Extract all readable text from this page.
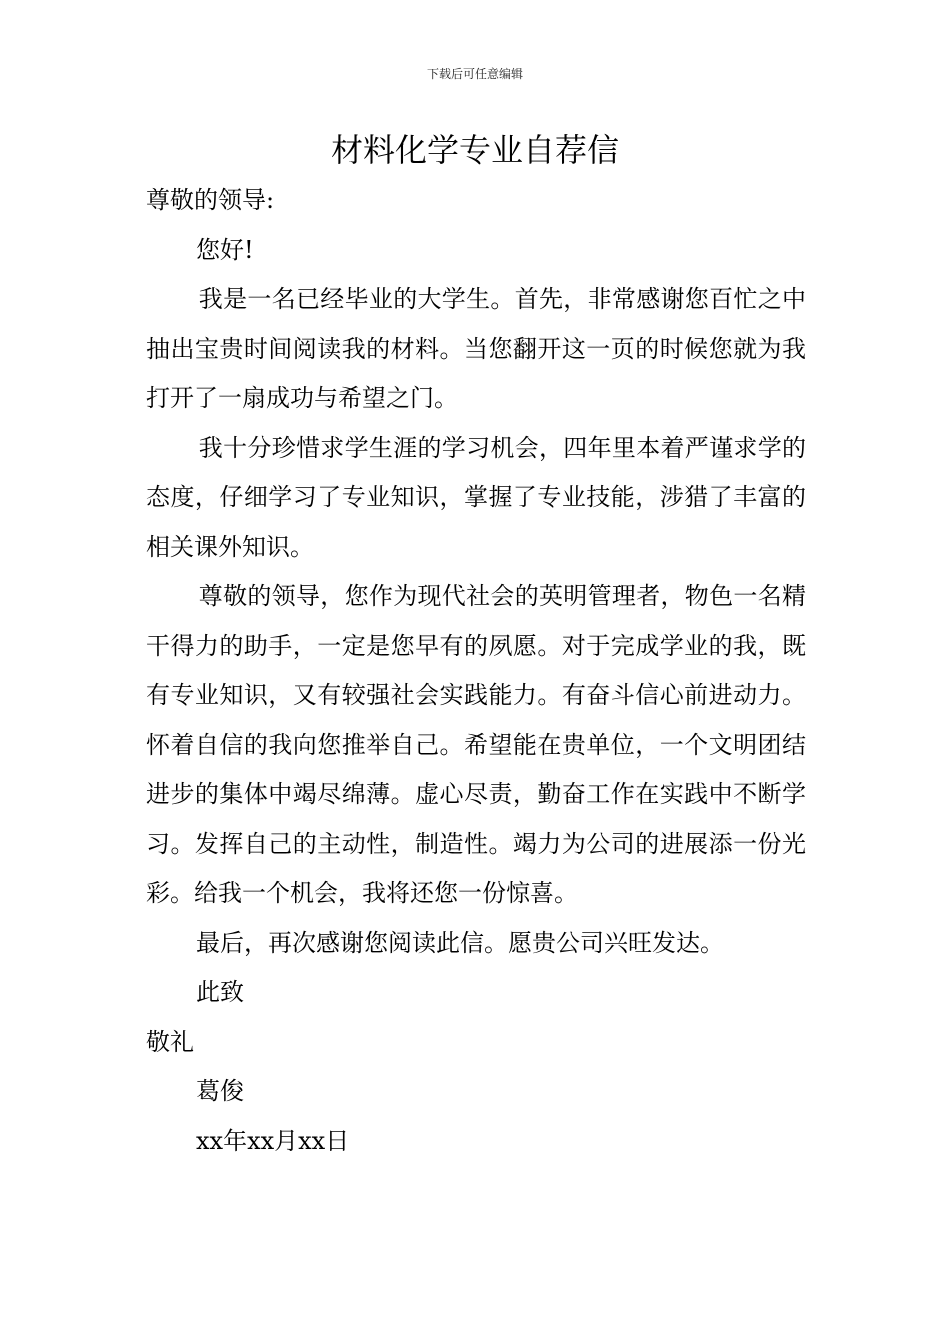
下载后可任意编辑
材料化学专业自荐信

尊敬的领导:

您好!

我是一名已经毕业的大学生。首先，非常感谢您百忙之中抽出宝贵时间阅读我的材料。当您翻开这一页的时候您就为我打开了一扇成功与希望之门。

我十分珍惜求学生涯的学习机会，四年里本着严谨求学的态度，仔细学习了专业知识，掌握了专业技能，涉猎了丰富的相关课外知识。

尊敬的领导，您作为现代社会的英明管理者，物色一名精干得力的助手，一定是您早有的夙愿。对于完成学业的我，既有专业知识，又有较强社会实践能力。有奋斗信心前进动力。怀着自信的我向您推举自己。希望能在贵单位，一个文明团结进步的集体中竭尽绵薄。虚心尽责，勤奋工作在实践中不断学习。发挥自己的主动性，制造性。竭力为公司的进展添一份光彩。给我一个机会，我将还您一份惊喜。

最后，再次感谢您阅读此信。愿贵公司兴旺发达。

此致

敬礼

葛俊

xx年xx月xx日
